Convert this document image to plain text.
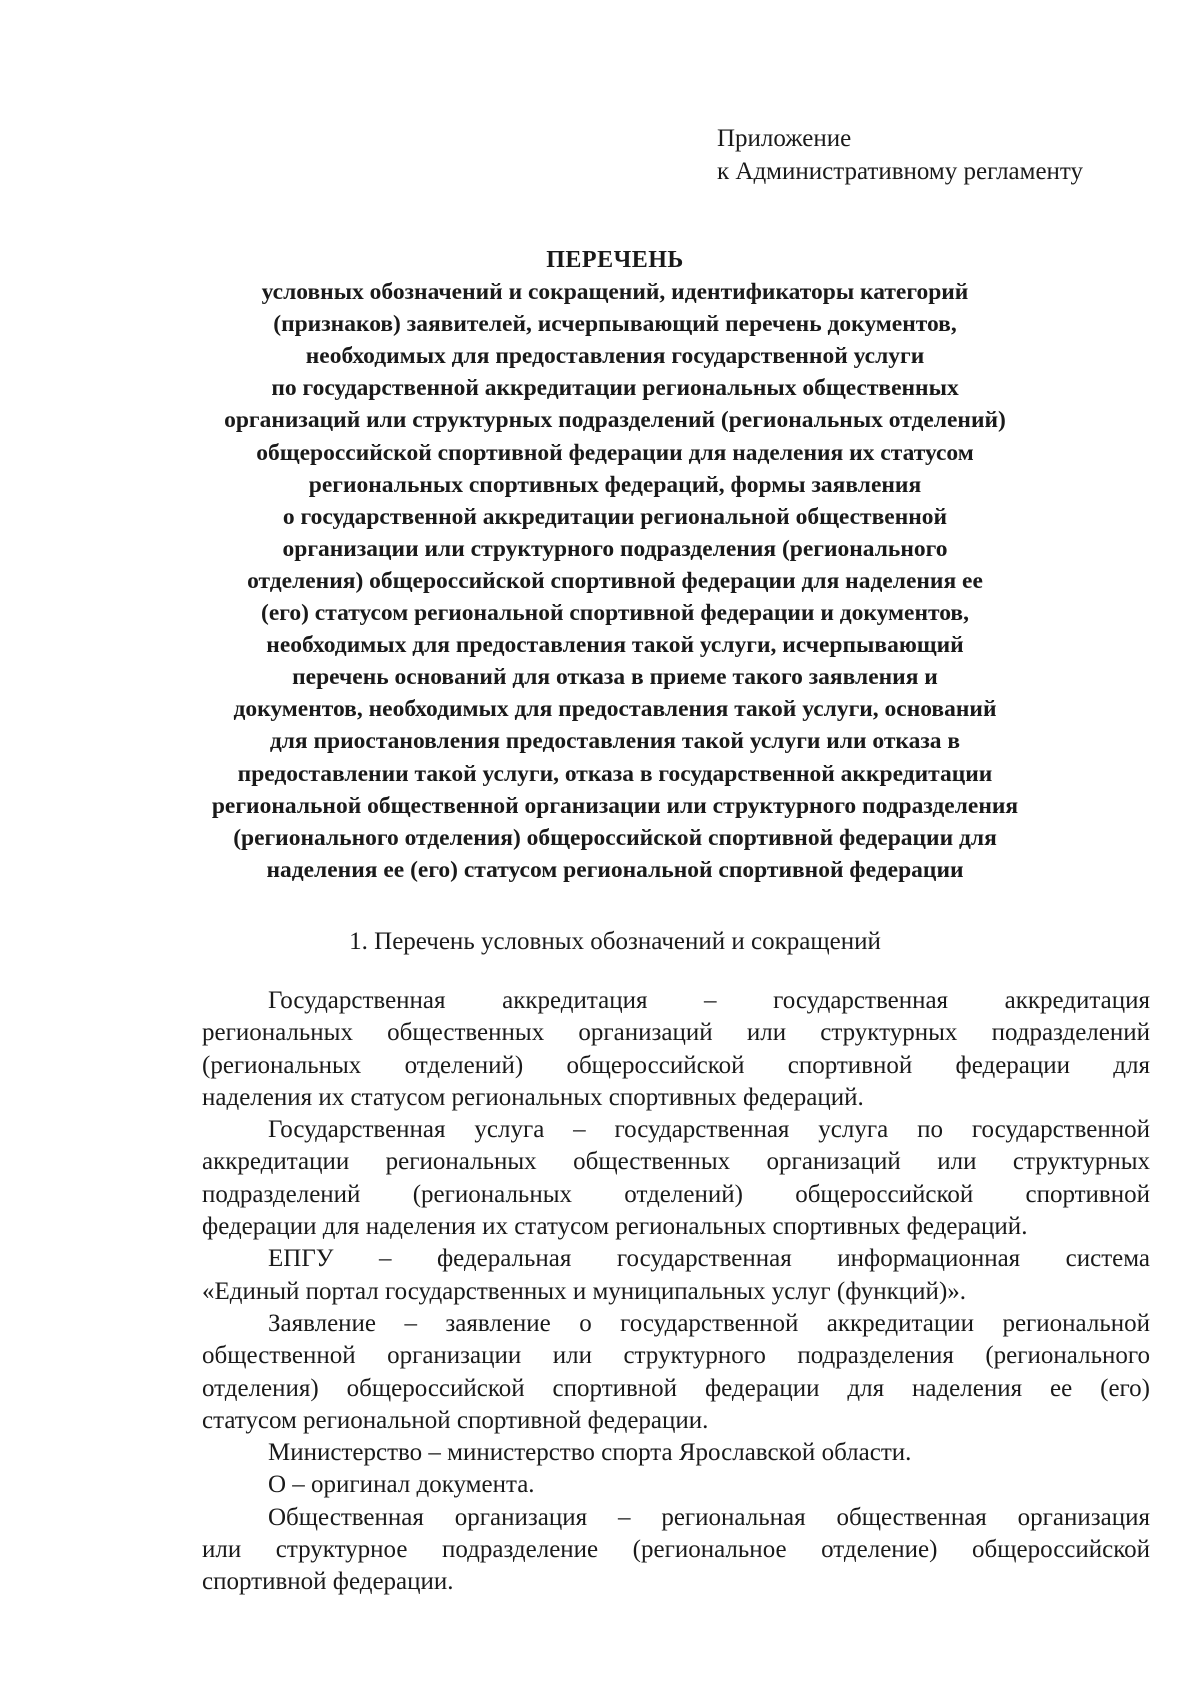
Приложение
к Административному регламенту
ПЕРЕЧЕНЬ
условных обозначений и сокращений, идентификаторы категорий
(признаков) заявителей, исчерпывающий перечень документов,
необходимых для предоставления государственной услуги
по государственной аккредитации региональных общественных
организаций или структурных подразделений (региональных отделений)
общероссийской спортивной федерации для наделения их статусом
региональных спортивных федераций, формы заявления
о государственной аккредитации региональной общественной
организации или структурного подразделения (регионального
отделения) общероссийской спортивной федерации для наделения ее
(его) статусом региональной спортивной федерации и документов,
необходимых для предоставления такой услуги, исчерпывающий
перечень оснований для отказа в приеме такого заявления и
документов, необходимых для предоставления такой услуги, оснований
для приостановления предоставления такой услуги или отказа в
предоставлении такой услуги, отказа в государственной аккредитации
региональной общественной организации или структурного подразделения
(регионального отделения) общероссийской спортивной федерации для
наделения ее (его) статусом региональной спортивной федерации
1. Перечень условных обозначений и сокращений
Государственная аккредитация – государственная аккредитация
региональных общественных организаций или структурных подразделений
(региональных отделений) общероссийской спортивной федерации для
наделения их статусом региональных спортивных федераций.
Государственная услуга – государственная услуга по государственной
аккредитации региональных общественных организаций или структурных
подразделений (региональных отделений) общероссийской спортивной
федерации для наделения их статусом региональных спортивных федераций.
ЕПГУ – федеральная государственная информационная система
«Единый портал государственных и муниципальных услуг (функций)».
Заявление – заявление о государственной аккредитации региональной
общественной организации или структурного подразделения (регионального
отделения) общероссийской спортивной федерации для наделения ее (его)
статусом региональной спортивной федерации.
Министерство – министерство спорта Ярославской области.
О – оригинал документа.
Общественная организация – региональная общественная организация
или структурное подразделение (региональное отделение) общероссийской
спортивной федерации.
